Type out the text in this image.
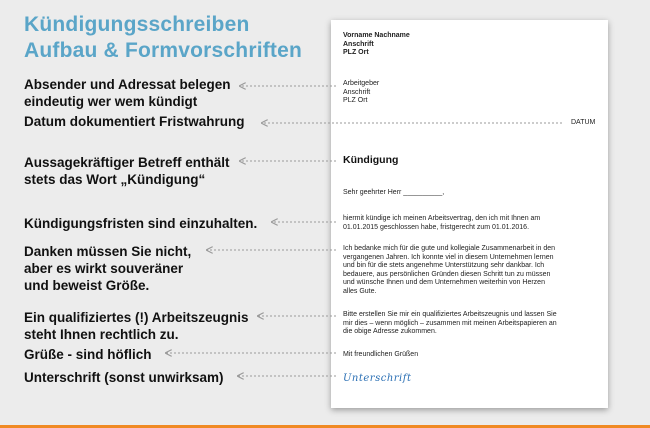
Kündigungsschreiben
Aufbau & Formvorschriften
Absender und Adressat belegen
eindeutig wer wem kündigt
Datum dokumentiert Fristwahrung
Aussagekräftiger Betreff enthält
stets das Wort „Kündigung“
Kündigungsfristen sind einzuhalten.
Danken müssen Sie nicht,
aber es wirkt souveräner
und beweist Größe.
Ein qualifiziertes (!) Arbeitszeugnis
steht Ihnen rechtlich zu.
Grüße - sind höflich
Unterschrift (sonst unwirksam)
Vorname Nachname
Anschrift
PLZ Ort
Arbeitgeber
Anschrift
PLZ Ort
DATUM
Kündigung
Sehr geehrter Herr __________,
hiermit kündige ich meinen Arbeitsvertrag, den ich mit Ihnen am
01.01.2015 geschlossen habe, fristgerecht zum 01.01.2016.
Ich bedanke mich für die gute und kollegiale Zusammenarbeit in den
vergangenen Jahren. Ich konnte viel in diesem Unternehmen lernen
und bin für die stets angenehme Unterstützung sehr dankbar. Ich
bedauere, aus persönlichen Gründen diesen Schritt tun zu müssen
und wünsche Ihnen und dem Unternehmen weiterhin von Herzen
alles Gute.
Bitte erstellen Sie mir ein qualifiziertes Arbeitszeugnis und lassen Sie
mir dies – wenn möglich – zusammen mit meinen Arbeitspapieren an
die obige Adresse zukommen.
Mit freundlichen Grüßen
Unterschrift
